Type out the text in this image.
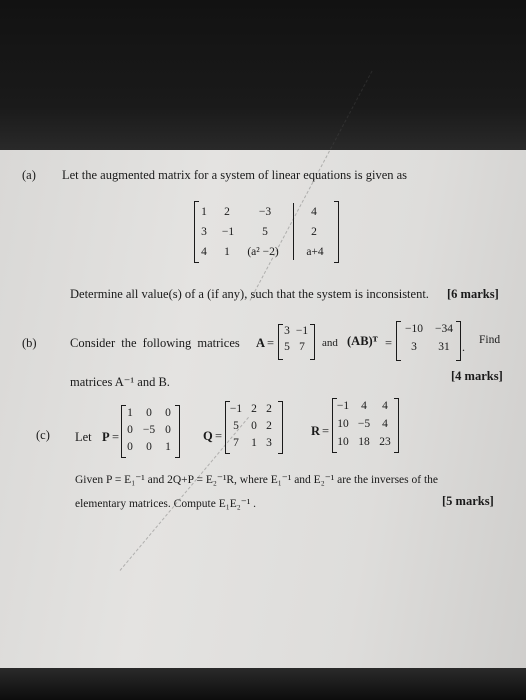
(a) Let the augmented matrix for a system of linear equations is given as
1	2	−3	4
3 −1	5	2
4	1	(a² −2)	a+4
Determine all value(s) of a (if any), such that the system is inconsistent. [6 marks]
(b)	Consider the following matrices A =
3 −1
5 7	and (AB)ᵀ =
−10	−34
3	31	. Find
matrices A⁻¹ and B.	[4 marks]
(c) Let P =
1	0	0
0 −5 0
0	0	1
Q =
−1 2 2
5	0 2
7	1 3
R =
−1	4	4
10 −5	4
10 18 23
Given P = E₁⁻¹ and 2Q+P = E₂⁻¹R, where E₁⁻¹ and E₂⁻¹ are the inverses of the
elementary matrices. Compute E₁E₂⁻¹ .	[5 marks]
